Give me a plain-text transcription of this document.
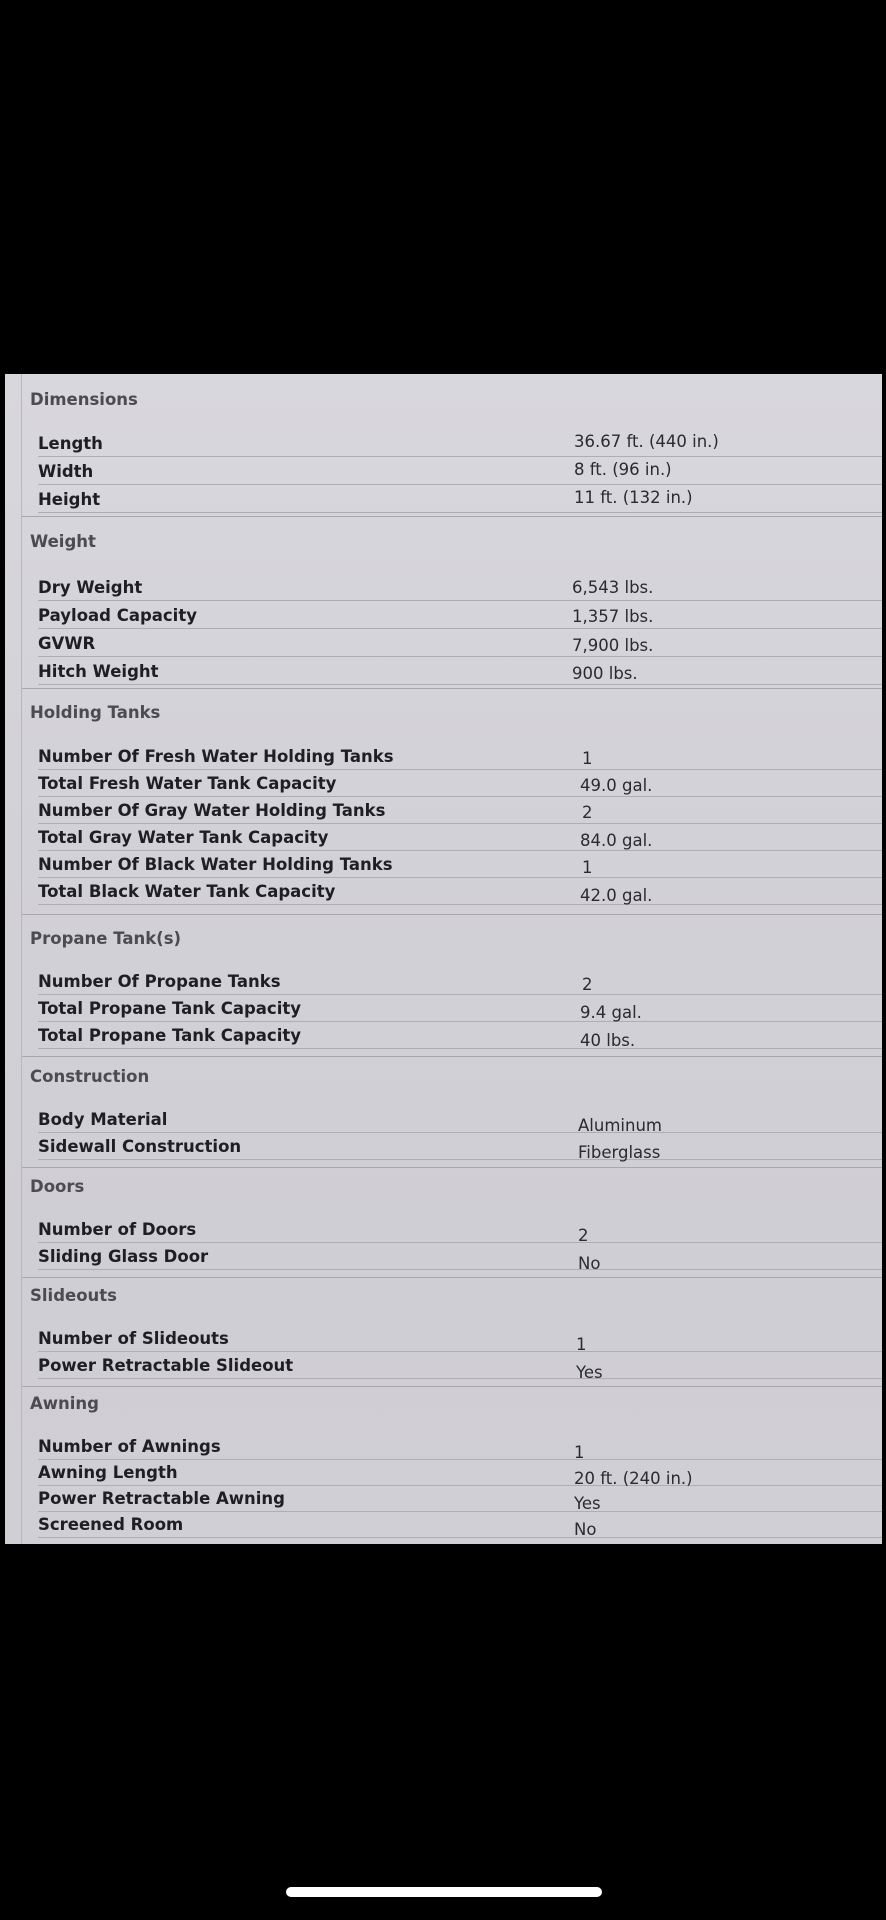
Dimensions
Length	36.67 ft. (440 in.)
Width	8 ft. (96 in.)
Height	11 ft. (132 in.)
Weight
Dry Weight	6,543 lbs.
Payload Capacity	1,357 lbs.
GVWR	7,900 lbs.
Hitch Weight	900 lbs.
Holding Tanks
Number Of Fresh Water Holding Tanks	1
Total Fresh Water Tank Capacity	49.0 gal.
Number Of Gray Water Holding Tanks	2
Total Gray Water Tank Capacity	84.0 gal.
Number Of Black Water Holding Tanks	1
Total Black Water Tank Capacity	42.0 gal.
Propane Tank(s)
Number Of Propane Tanks	2
Total Propane Tank Capacity	9.4 gal.
Total Propane Tank Capacity	40 lbs.
Construction
Body Material	Aluminum
Sidewall Construction	Fiberglass
Doors
Number of Doors	2
Sliding Glass Door	No
Slideouts
Number of Slideouts	1
Power Retractable Slideout	Yes
Awning
Number of Awnings	1
Awning Length	20 ft. (240 in.)
Power Retractable Awning	Yes
Screened Room	No
